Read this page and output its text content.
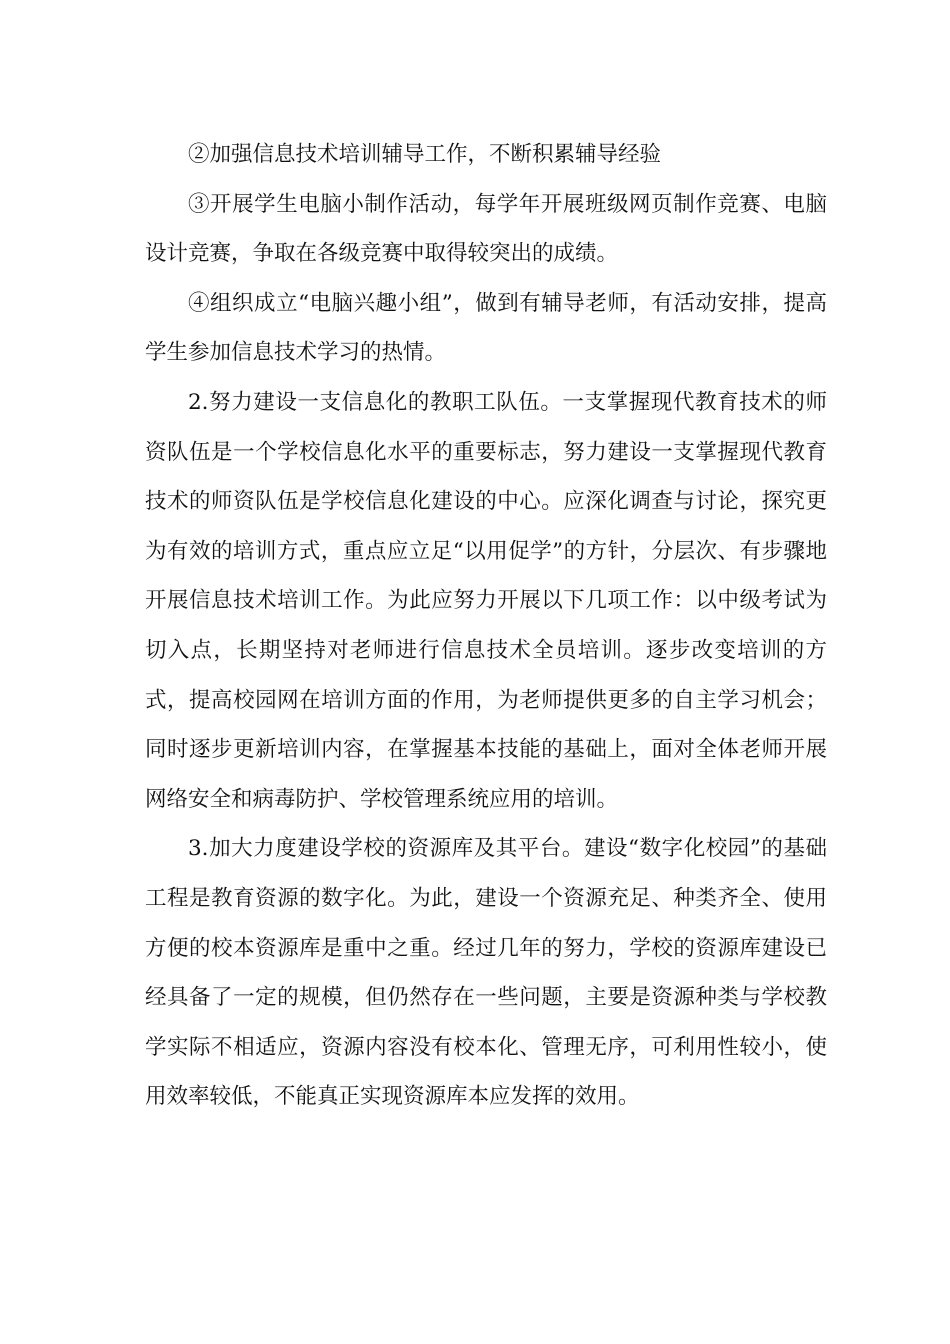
②加强信息技术培训辅导工作，不断积累辅导经验

③开展学生电脑小制作活动，每学年开展班级网页制作竞赛、电脑设计竞赛，争取在各级竞赛中取得较突出的成绩。

④组织成立“电脑兴趣小组”，做到有辅导老师，有活动安排，提高学生参加信息技术学习的热情。

2.努力建设一支信息化的教职工队伍。一支掌握现代教育技术的师资队伍是一个学校信息化水平的重要标志，努力建设一支掌握现代教育技术的师资队伍是学校信息化建设的中心。应深化调查与讨论，探究更为有效的培训方式，重点应立足“以用促学”的方针，分层次、有步骤地开展信息技术培训工作。为此应努力开展以下几项工作：以中级考试为切入点，长期坚持对老师进行信息技术全员培训。逐步改变培训的方式，提高校园网在培训方面的作用，为老师提供更多的自主学习机会；同时逐步更新培训内容，在掌握基本技能的基础上，面对全体老师开展网络安全和病毒防护、学校管理系统应用的培训。

3.加大力度建设学校的资源库及其平台。建设“数字化校园”的基础工程是教育资源的数字化。为此，建设一个资源充足、种类齐全、使用方便的校本资源库是重中之重。经过几年的努力，学校的资源库建设已经具备了一定的规模，但仍然存在一些问题，主要是资源种类与学校教学实际不相适应，资源内容没有校本化、管理无序，可利用性较小，使用效率较低，不能真正实现资源库本应发挥的效用。
